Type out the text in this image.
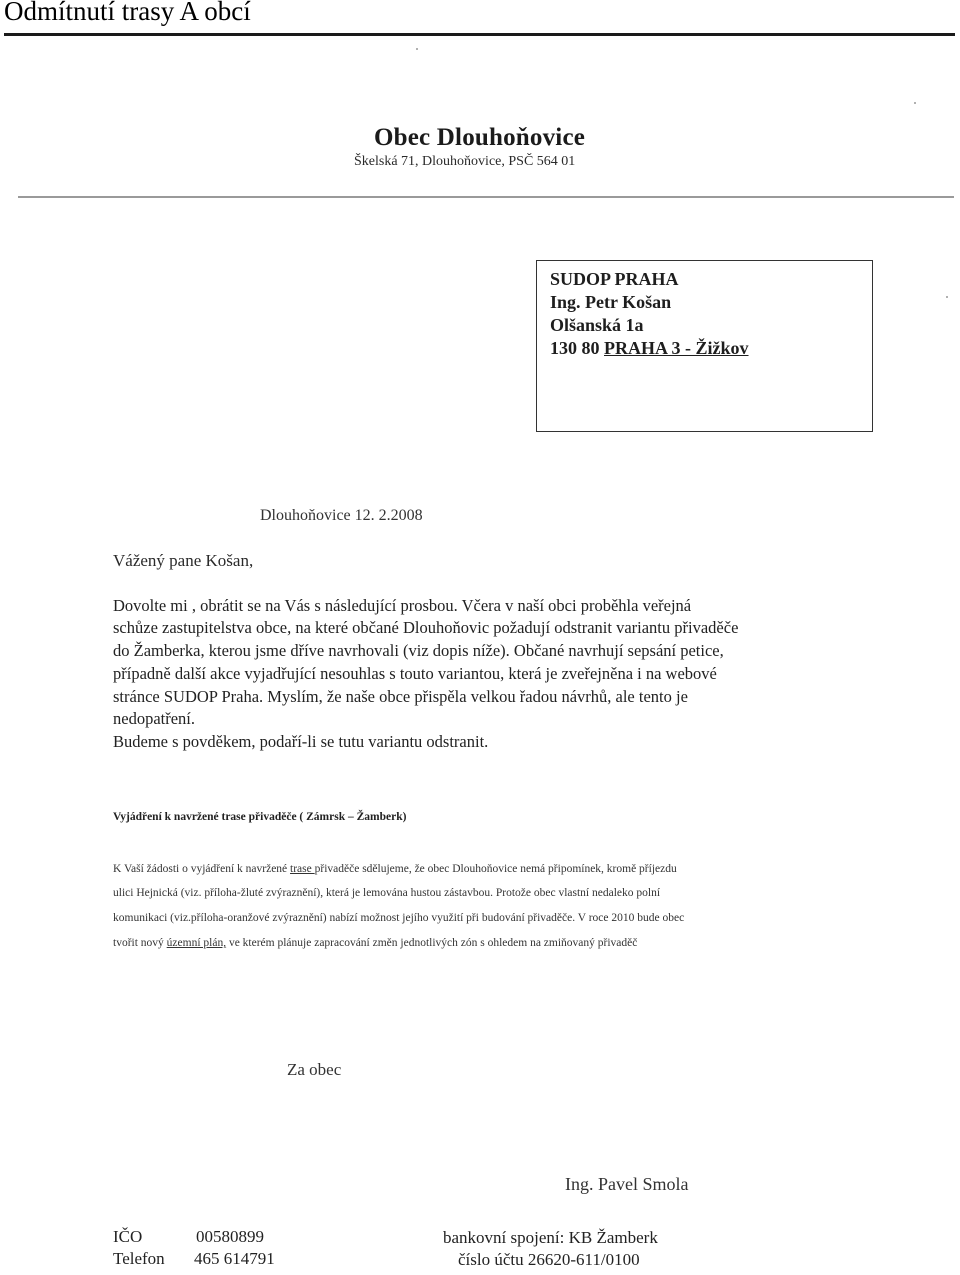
Odmítnutí trasy A obcí
Obec Dlouhoňovice
Škelská 71, Dlouhoňovice, PSČ 564 01
SUDOP PRAHA
Ing. Petr Košan
Olšanská 1a
130 80 PRAHA 3 - Žižkov
Dlouhoňovice 12. 2.2008
Vážený pane Košan,
Dovolte mi , obrátit se na Vás s následující prosbou. Včera v naší obci proběhla veřejná
schůze zastupitelstva obce, na které občané Dlouhoňovic požadují odstranit variantu přivaděče
do Žamberka, kterou jsme dříve navrhovali (viz dopis níže). Občané navrhují sepsání petice,
případně další akce vyjadřující nesouhlas s touto variantou, která je zveřejněna i na webové
stránce SUDOP Praha. Myslím, že naše obce přispěla velkou řadou návrhů, ale tento je
nedopatření.
Budeme s povděkem, podaří-li se tutu variantu odstranit.
Vyjádření k navržené trase přivaděče ( Zámrsk – Žamberk)
K Vaší žádosti o vyjádření k navržené trase přivaděče sdělujeme, že obec Dlouhoňovice nemá připomínek, kromě příjezdu
ulici Hejnická (viz. příloha-žluté zvýraznění), která je lemována hustou zástavbou. Protože obec vlastní nedaleko polní
komunikaci (viz.příloha-oranžové zvýraznění) nabízí možnost jejího využití při budování přivaděče. V roce 2010 bude obec
tvořit nový územní plán, ve kterém plánuje zapracování změn jednotlivých zón s ohledem na zmiňovaný přivaděč
Za obec
Ing. Pavel Smola
IČO	00580899
Telefon 465 614791
bankovní spojení: KB Žamberk
číslo účtu 26620-611/0100
